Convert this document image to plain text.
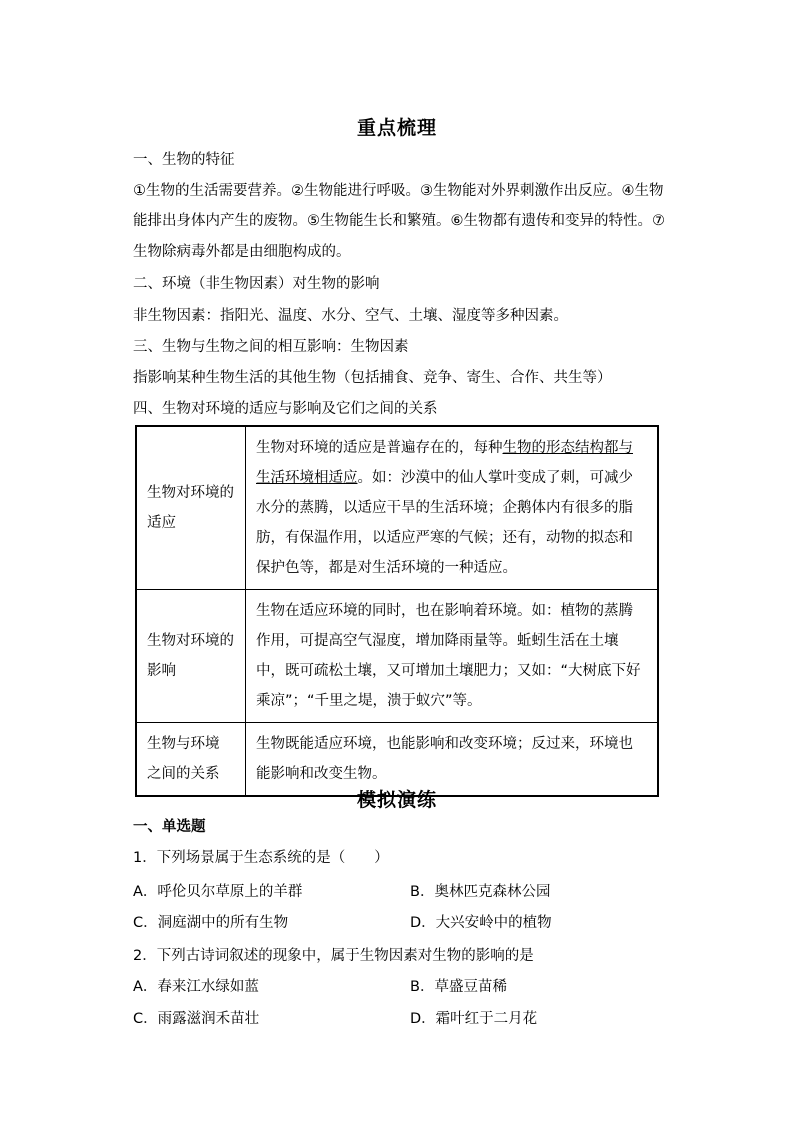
重点梳理
一、生物的特征
①生物的生活需要营养。②生物能进行呼吸。③生物能对外界刺激作出反应。④生物
能排出身体内产生的废物。⑤生物能生长和繁殖。⑥生物都有遗传和变异的特性。⑦
生物除病毒外都是由细胞构成的。
二、环境（非生物因素）对生物的影响
非生物因素：指阳光、温度、水分、空气、土壤、湿度等多种因素。
三、生物与生物之间的相互影响：生物因素
指影响某种生物生活的其他生物（包括捕食、竞争、寄生、合作、共生等）
四、生物对环境的适应与影响及它们之间的关系
生物对环境的
适应	生物对环境的适应是普遍存在的，每种生物的形态结构都与生活环境相适应。如：沙漠中的仙人掌叶变成了刺，可减少水分的蒸腾，以适应干旱的生活环境；企鹅体内有很多的脂肪，有保温作用，以适应严寒的气候；还有，动物的拟态和保护色等，都是对生活环境的一种适应。

生物对环境的
影响	生物在适应环境的同时，也在影响着环境。如：植物的蒸腾作用，可提高空气湿度，增加降雨量等。蚯蚓生活在土壤中，既可疏松土壤，又可增加土壤肥力；又如：“大树底下好乘凉”；“千里之堤，溃于蚁穴”等。

生物与环境
之间的关系	生物既能适应环境，也能影响和改变环境；反过来，环境也能影响和改变生物。
模拟演练
一、单选题
1．下列场景属于生态系统的是（　　）
A．呼伦贝尔草原上的羊群	B．奥林匹克森林公园
C．洞庭湖中的所有生物	D．大兴安岭中的植物
2．下列古诗词叙述的现象中，属于生物因素对生物的影响的是
A．春来江水绿如蓝	B．草盛豆苗稀
C．雨露滋润禾苗壮	D．霜叶红于二月花
